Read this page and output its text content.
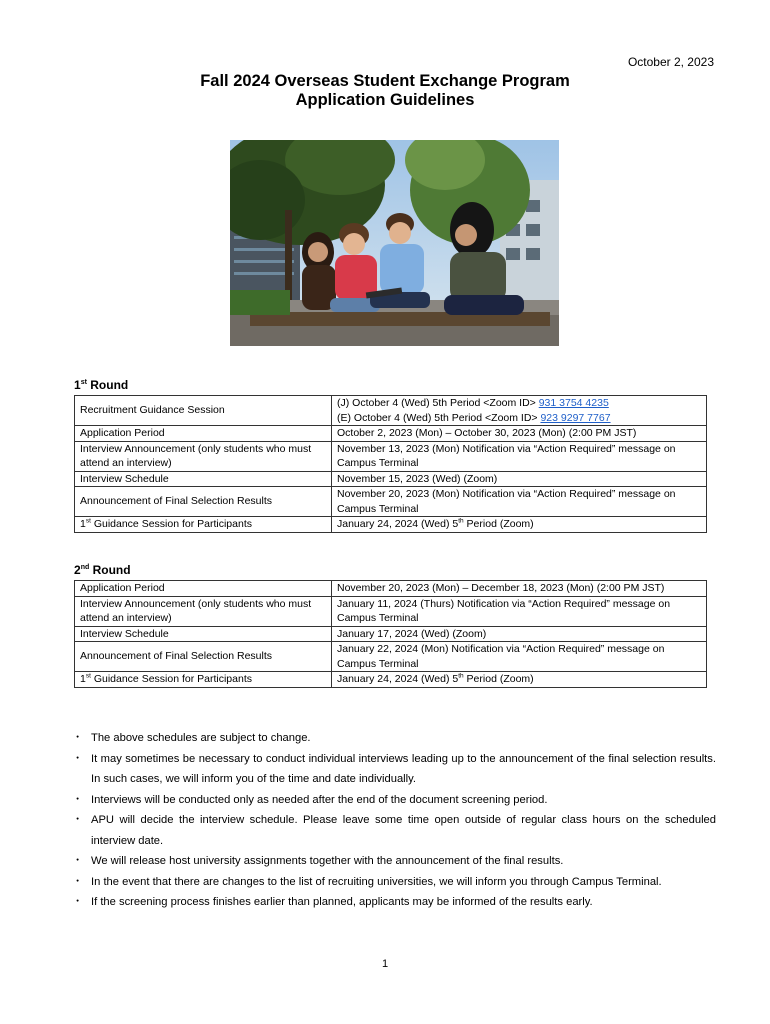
October 2, 2023
Fall 2024 Overseas Student Exchange Program
Application Guidelines
1st Round
Recruitment Guidance Session	(J) October 4 (Wed) 5th Period <Zoom ID> 931 3754 4235
(E) October 4 (Wed) 5th Period <Zoom ID> 923 9297 7767

Application Period	October 2, 2023 (Mon) – October 30, 2023 (Mon) (2:00 PM JST)
Interview Announcement (only students who must attend an interview)	November 13, 2023 (Mon) Notification via “Action Required” message on Campus Terminal
Interview Schedule	November 15, 2023 (Wed) (Zoom)
Announcement of Final Selection Results	November 20, 2023 (Mon) Notification via “Action Required” message on Campus Terminal
1st Guidance Session for Participants	January 24, 2024 (Wed) 5th Period (Zoom)
2nd Round
Application Period	November 20, 2023 (Mon) – December 18, 2023 (Mon) (2:00 PM JST)
Interview Announcement (only students who must attend an interview)	January 11, 2024 (Thurs) Notification via “Action Required” message on Campus Terminal
Interview Schedule	January 17, 2024 (Wed) (Zoom)
Announcement of Final Selection Results	January 22, 2024 (Mon) Notification via “Action Required” message on Campus Terminal
1st Guidance Session for Participants	January 24, 2024 (Wed) 5th Period (Zoom)
・ The above schedules are subject to change.
・ It may sometimes be necessary to conduct individual interviews leading up to the announcement of the final selection results. In such cases, we will inform you of the time and date individually.
・ Interviews will be conducted only as needed after the end of the document screening period.
・ APU will decide the interview schedule. Please leave some time open outside of regular class hours on the scheduled interview date.
・ We will release host university assignments together with the announcement of the final results.
・ In the event that there are changes to the list of recruiting universities, we will inform you through Campus Terminal.
・ If the screening process finishes earlier than planned, applicants may be informed of the results early.
1
